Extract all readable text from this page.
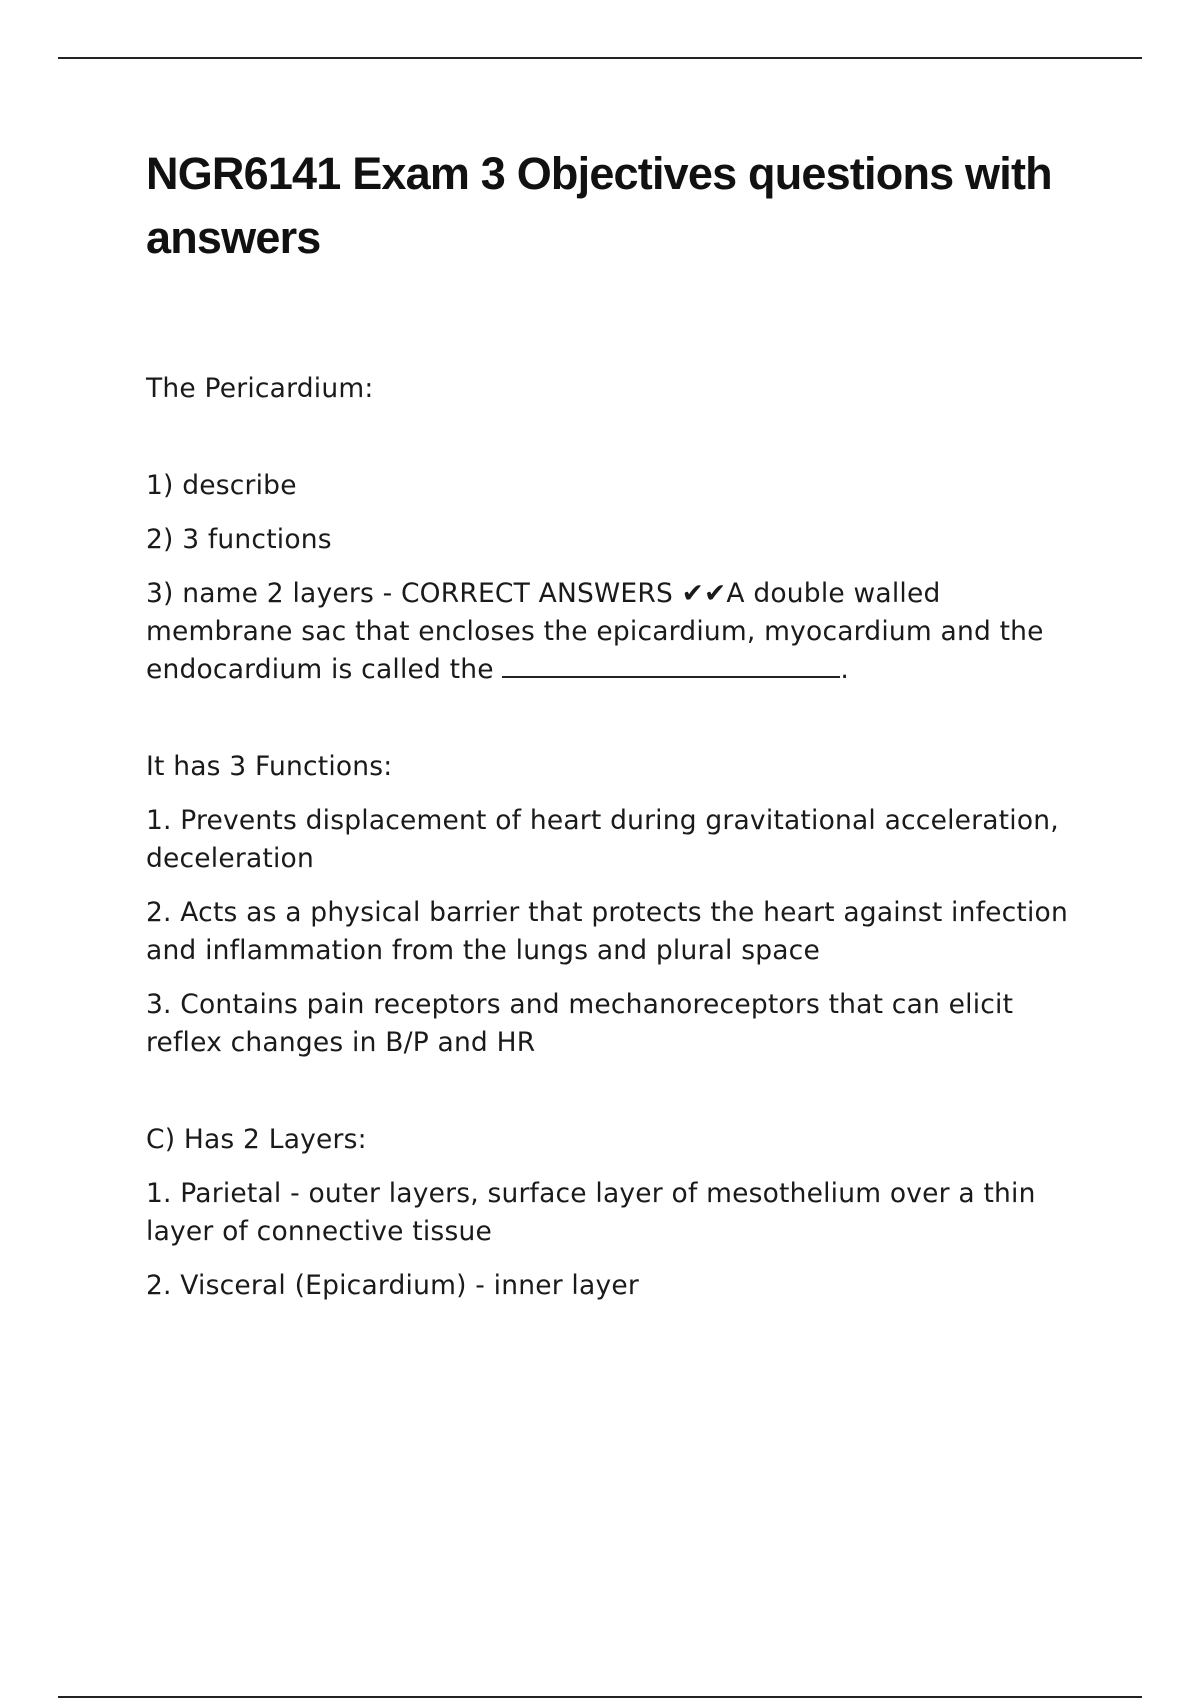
NGR6141 Exam 3 Objectives questions with answers

The Pericardium:

1) describe

2) 3 functions

3) name 2 layers - CORRECT ANSWERS ✔✔A double walled membrane sac that encloses the epicardium, myocardium and the endocardium is called the	.

It has 3 Functions:

1. Prevents displacement of heart during gravitational acceleration, deceleration

2. Acts as a physical barrier that protects the heart against infection and inflammation from the lungs and plural space

3. Contains pain receptors and mechanoreceptors that can elicit reflex changes in B/P and HR

C) Has 2 Layers:

1. Parietal - outer layers, surface layer of mesothelium over a thin layer of connective tissue

2. Visceral (Epicardium) - inner layer
